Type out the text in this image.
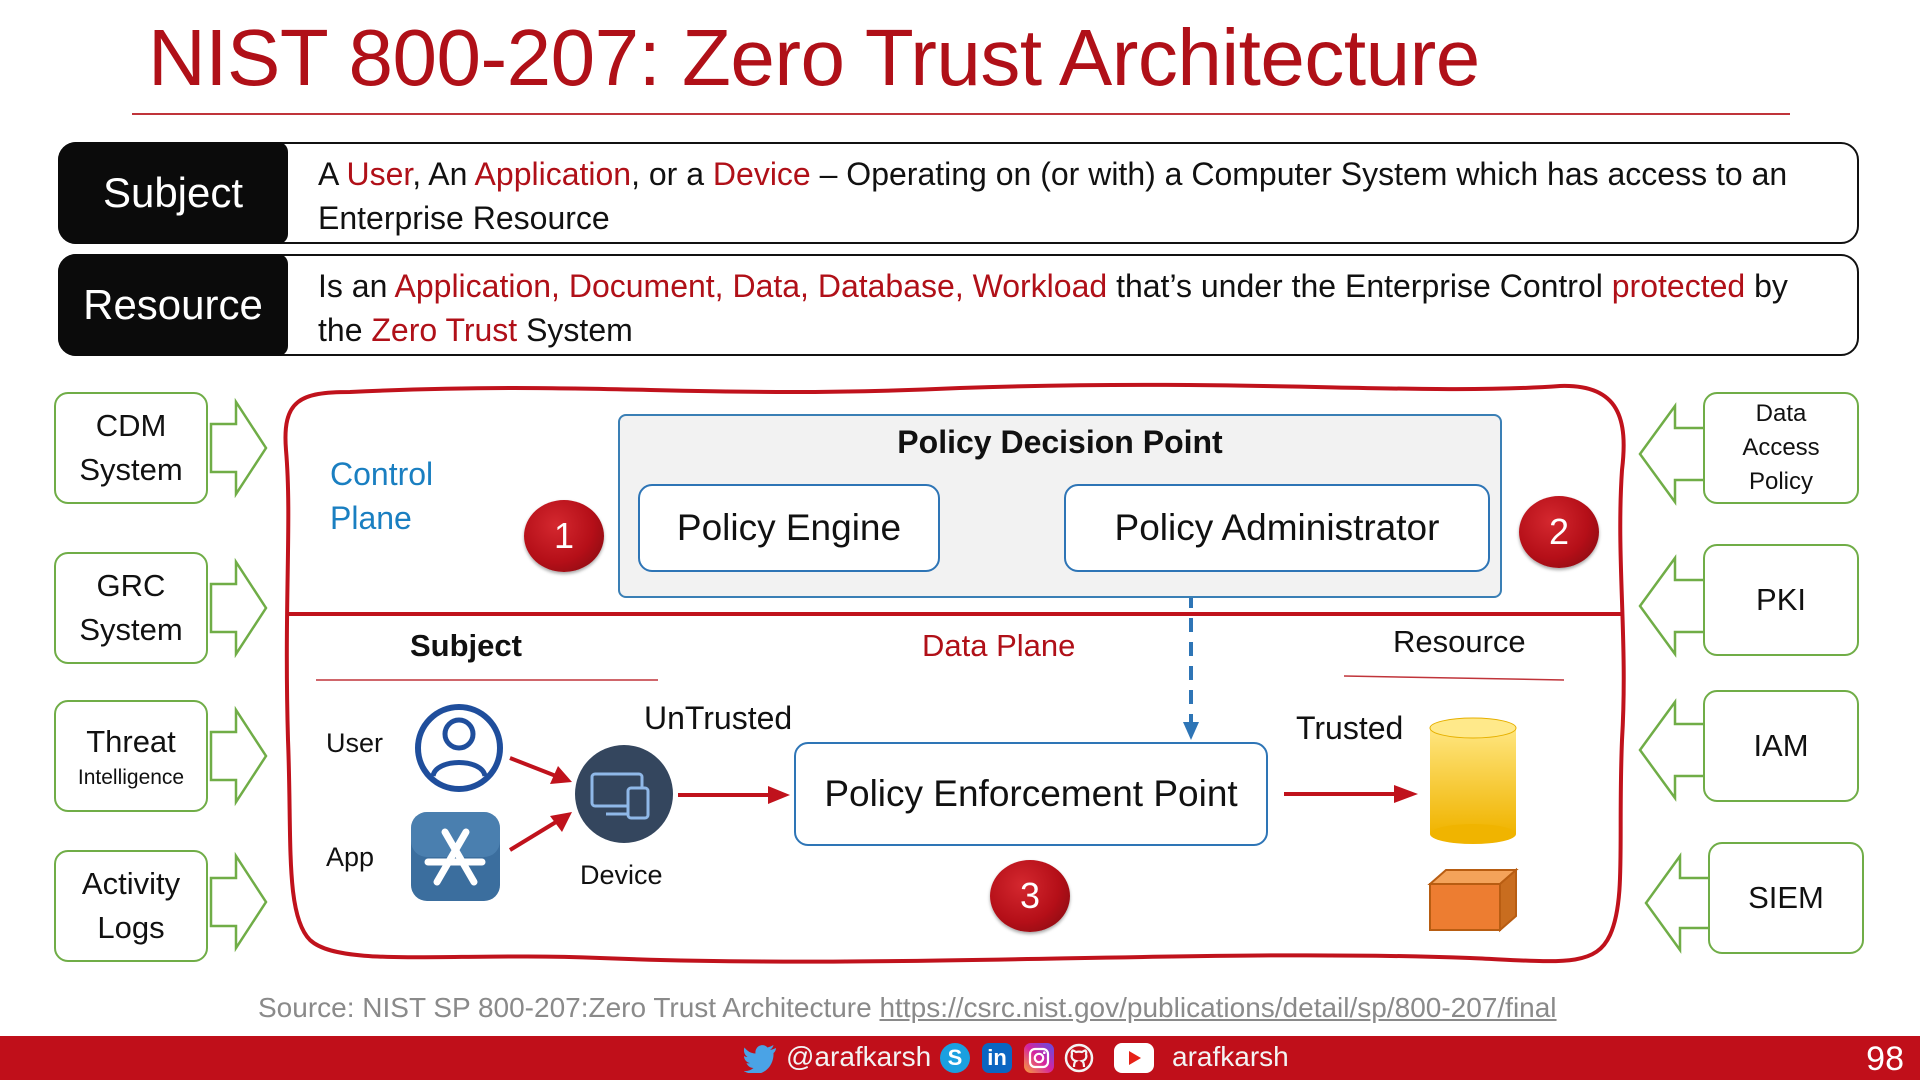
NIST 800-207: Zero Trust Architecture
Subject	A User, An Application, or a Device – Operating on (or with) a Computer System which has access to an Enterprise Resource
Resource	Is an Application, Document, Data, Database, Workload that’s under the Enterprise Control protected by the Zero Trust System
CDM
System
GRC
System
Threat
Intelligence
Activity
Logs
Data
Access
Policy
PKI
IAM
SIEM
Control
Plane
Policy Decision Point
Policy Engine	Policy Administrator
1	2
3
Data Plane
Subject	Resource
User
App
Device
UnTrusted	Trusted
Policy Enforcement Point
Source: NIST SP 800-207:Zero Trust Architecture https://csrc.nist.gov/publications/detail/sp/800-207/final
@arafkarsh S	in	arafkarsh	98
